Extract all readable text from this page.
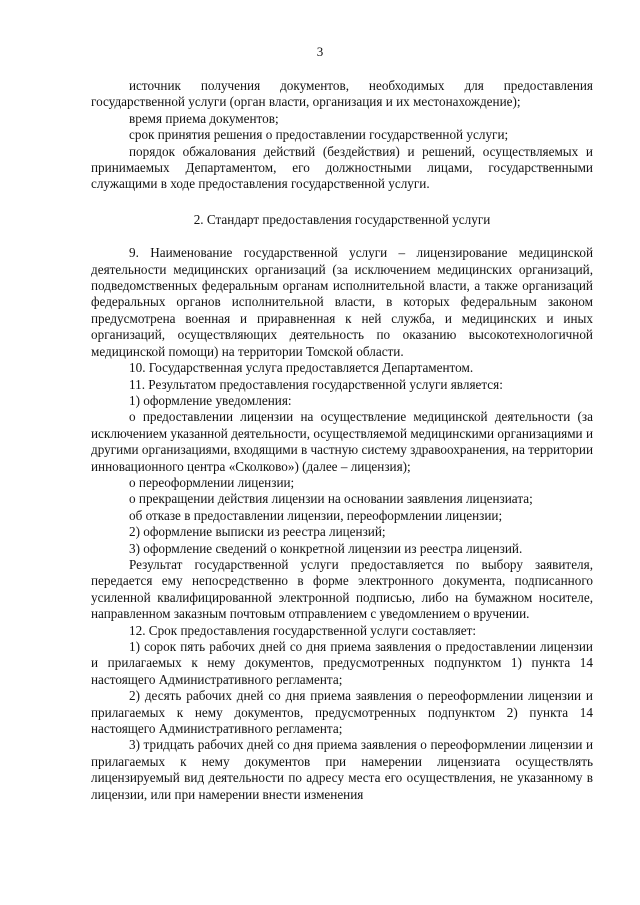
3

источник получения документов, необходимых для предоставления государственной услуги (орган власти, организация и их местонахождение);

время приема документов;

срок принятия решения о предоставлении государственной услуги;

порядок обжалования действий (бездействия) и решений, осуществляемых и принимаемых Департаментом, его должностными лицами, государственными служащими в ходе предоставления государственной услуги.

2. Стандарт предоставления государственной услуги

9. Наименование государственной услуги – лицензирование медицинской деятельности медицинских организаций (за исключением медицинских организаций, подведомственных федеральным органам исполнительной власти, а также организаций федеральных органов исполнительной власти, в которых федеральным законом предусмотрена военная и приравненная к ней служба, и медицинских и иных организаций, осуществляющих деятельность по оказанию высокотехнологичной медицинской помощи) на территории Томской области.

10. Государственная услуга предоставляется Департаментом.

11. Результатом предоставления государственной услуги является:

1) оформление уведомления:

о предоставлении лицензии на осуществление медицинской деятельности (за исключением указанной деятельности, осуществляемой медицинскими организациями и другими организациями, входящими в частную систему здравоохранения, на территории инновационного центра «Сколково») (далее – лицензия);

о переоформлении лицензии;

о прекращении действия лицензии на основании заявления лицензиата;

об отказе в предоставлении лицензии, переоформлении лицензии;

2) оформление выписки из реестра лицензий;

3) оформление сведений о конкретной лицензии из реестра лицензий.

Результат государственной услуги предоставляется по выбору заявителя, передается ему непосредственно в форме электронного документа, подписанного усиленной квалифицированной электронной подписью, либо на бумажном носителе, направленном заказным почтовым отправлением с уведомлением о вручении.

12. Срок предоставления государственной услуги составляет:

1) сорок пять рабочих дней со дня приема заявления о предоставлении лицензии и прилагаемых к нему документов, предусмотренных подпунктом 1) пункта 14 настоящего Административного регламента;

2) десять рабочих дней со дня приема заявления о переоформлении лицензии и прилагаемых к нему документов, предусмотренных подпунктом 2) пункта 14 настоящего Административного регламента;

3) тридцать рабочих дней со дня приема заявления о переоформлении лицензии и прилагаемых к нему документов при намерении лицензиата осуществлять лицензируемый вид деятельности по адресу места его осуществления, не указанному в лицензии, или при намерении внести изменения
